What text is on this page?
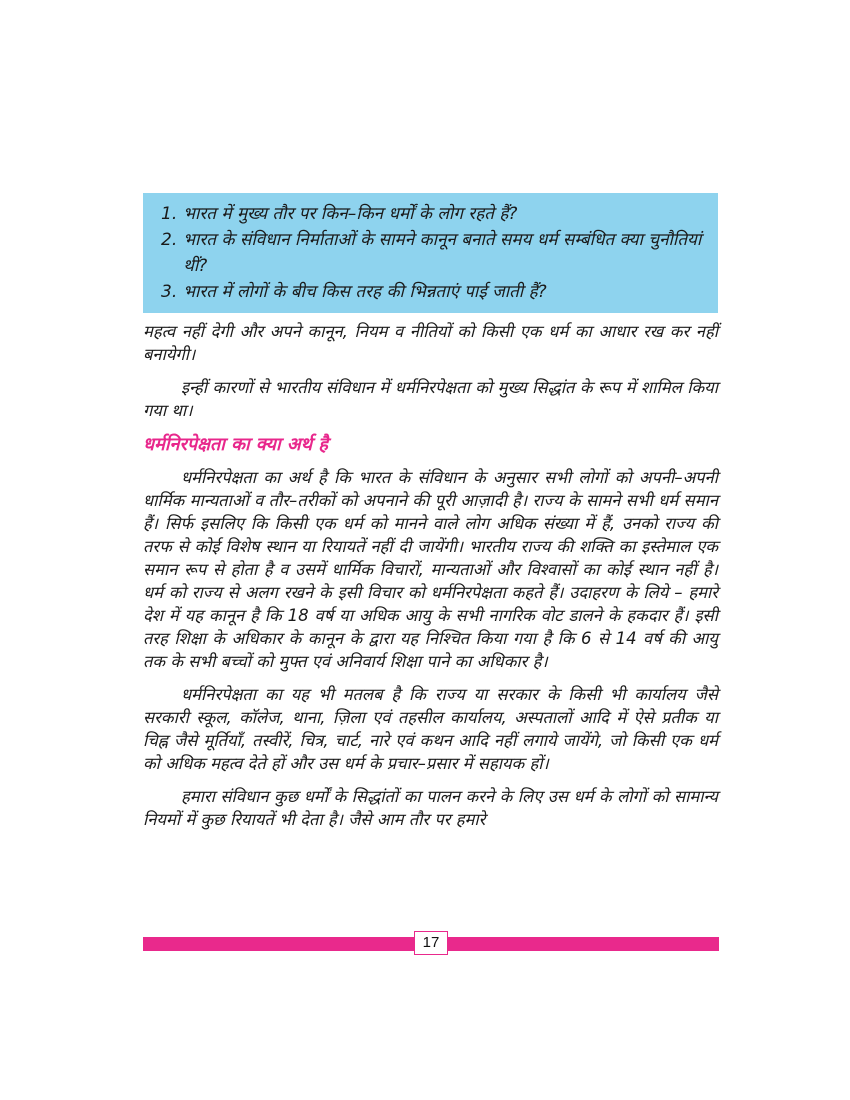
1. भारत में मुख्य तौर पर किन–किन धर्मों के लोग रहते हैं?
2. भारत के संविधान निर्माताओं के सामने कानून बनाते समय धर्म सम्बंधित क्या चुनौतियां थीं?
3. भारत में लोगों के बीच किस तरह की भिन्नताएं पाई जाती हैं?

महत्व नहीं देगी और अपने कानून, नियम व नीतियों को किसी एक धर्म का आधार रख कर नहीं बनायेगी।

इन्हीं कारणों से भारतीय संविधान में धर्मनिरपेक्षता को मुख्य सिद्धांत के रूप में शामिल किया गया था।

धर्मनिरपेक्षता का क्या अर्थ है

धर्मनिरपेक्षता का अर्थ है कि भारत के संविधान के अनुसार सभी लोगों को अपनी–अपनी धार्मिक मान्यताओं व तौर–तरीकों को अपनाने की पूरी आज़ादी है। राज्य के सामने सभी धर्म समान हैं। सिर्फ इसलिए कि किसी एक धर्म को मानने वाले लोग अधिक संख्या में हैं, उनको राज्य की तरफ से कोई विशेष स्थान या रियायतें नहीं दी जायेंगी। भारतीय राज्य की शक्ति का इस्तेमाल एक समान रूप से होता है व उसमें धार्मिक विचारों, मान्यताओं और विश्वासों का कोई स्थान नहीं है। धर्म को राज्य से अलग रखने के इसी विचार को धर्मनिरपेक्षता कहते हैं। उदाहरण के लिये – हमारे देश में यह कानून है कि 18 वर्ष या अधिक आयु के सभी नागरिक वोट डालने के हकदार हैं। इसी तरह शिक्षा के अधिकार के कानून के द्वारा यह निश्चित किया गया है कि 6 से 14 वर्ष की आयु तक के सभी बच्चों को मुफ्त एवं अनिवार्य शिक्षा पाने का अधिकार है।

धर्मनिरपेक्षता का यह भी मतलब है कि राज्य या सरकार के किसी भी कार्यालय जैसे सरकारी स्कूल, कॉलेज, थाना, ज़िला एवं तहसील कार्यालय, अस्पतालों आदि में ऐसे प्रतीक या चिह्न जैसे मूर्तियाँ, तस्वीरें, चित्र, चार्ट, नारे एवं कथन आदि नहीं लगाये जायेंगे, जो किसी एक धर्म को अधिक महत्व देते हों और उस धर्म के प्रचार–प्रसार में सहायक हों।

हमारा संविधान कुछ धर्मों के सिद्धांतों का पालन करने के लिए उस धर्म के लोगों को सामान्य नियमों में कुछ रियायतें भी देता है। जैसे आम तौर पर हमारे

17
